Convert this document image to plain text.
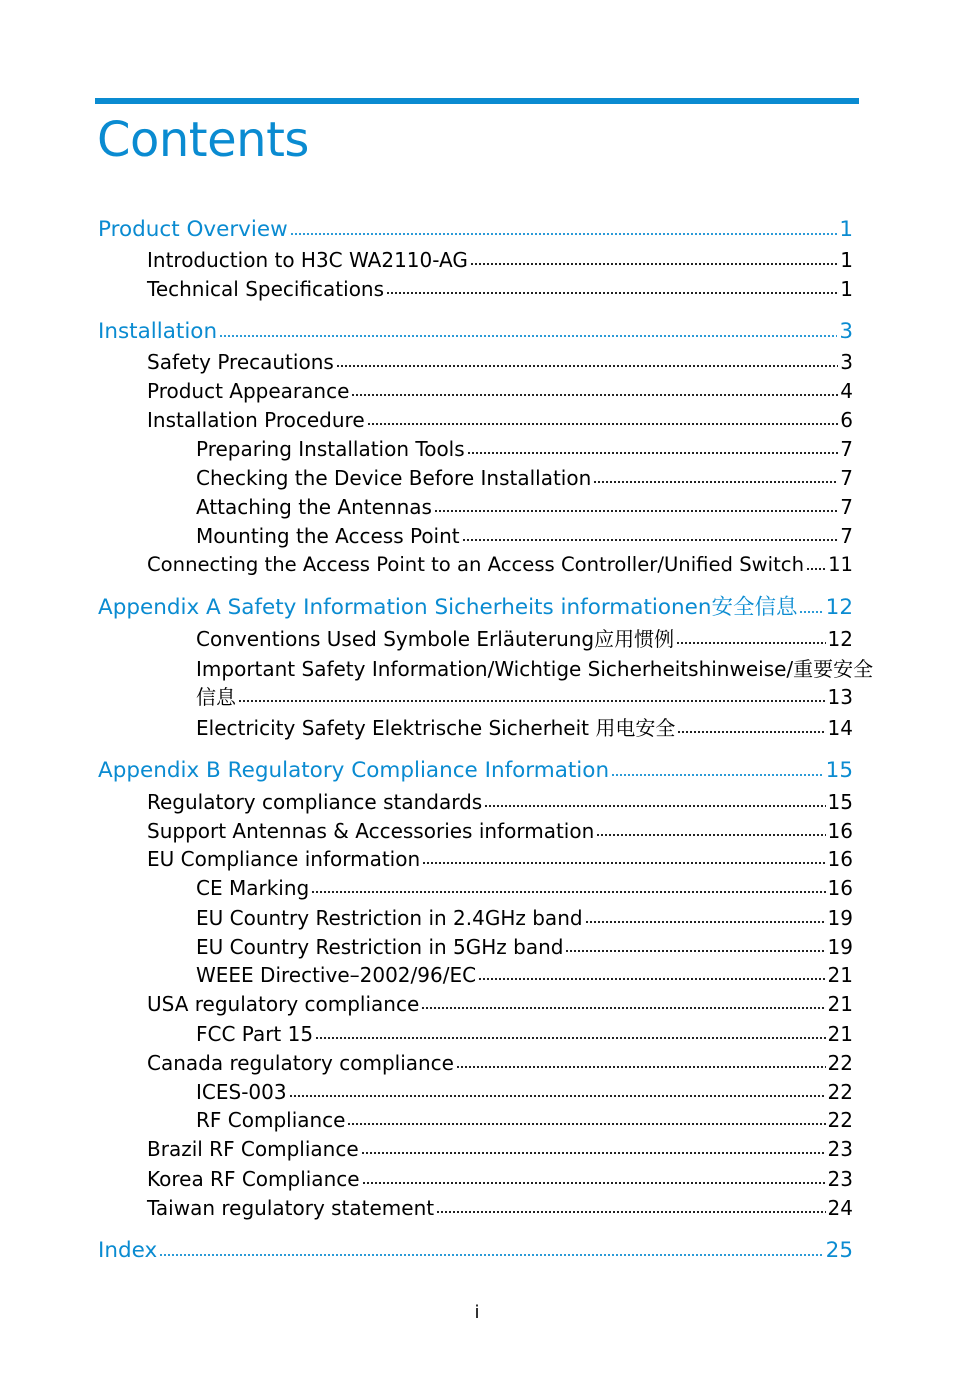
Contents
Product Overview	1
Introduction to H3C WA2110-AG	1
Technical Specifications	1
Installation	3
Safety Precautions	3
Product Appearance	4
Installation Procedure	6
Preparing Installation Tools	7
Checking the Device Before Installation	7
Attaching the Antennas	7
Mounting the Access Point	7
Connecting the Access Point to an Access Controller/Unified Switch 11
Appendix A Safety Information Sicherheits informationen安全信息 12
Conventions Used Symbole Erläuterung应用惯例	12
Important Safety Information/Wichtige Sicherheitshinweise/重要安全
信息	13
Electricity Safety Elektrische Sicherheit 用电安全	14
Appendix B Regulatory Compliance Information	15
Regulatory compliance standards	15
Support Antennas & Accessories information	16
EU Compliance information	16
CE Marking	16
EU Country Restriction in 2.4GHz band	19
EU Country Restriction in 5GHz band	19
WEEE Directive–2002/96/EC	21
USA regulatory compliance	21
FCC Part 15	21
Canada regulatory compliance	22
ICES-003	22
RF Compliance	22
Brazil RF Compliance	23
Korea RF Compliance	23
Taiwan regulatory statement	24
Index	25
i
